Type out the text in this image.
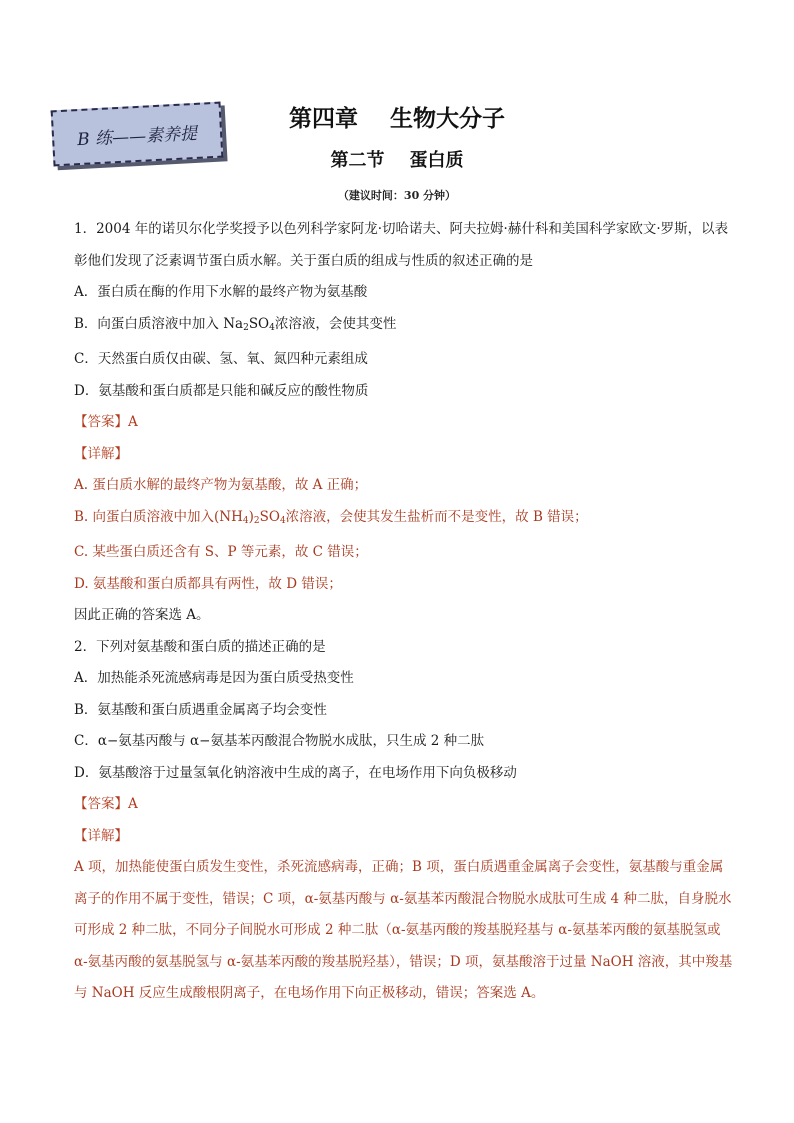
B 练——素养提
第四章    生物大分子
第二节    蛋白质
（建议时间：30 分钟）
1．2004 年的诺贝尔化学奖授予以色列科学家阿龙·切哈诺夫、阿夫拉姆·赫什科和美国科学家欧文·罗斯，以表彰他们发现了泛素调节蛋白质水解。关于蛋白质的组成与性质的叙述正确的是
A．蛋白质在酶的作用下水解的最终产物为氨基酸
B．向蛋白质溶液中加入 $Na_2SO_4$浓溶液，会使其变性
C．天然蛋白质仅由碳、氢、氧、氮四种元素组成
D．氨基酸和蛋白质都是只能和碱反应的酸性物质
【答案】A
【详解】
A. 蛋白质水解的最终产物为氨基酸，故 A 正确；
B. 向蛋白质溶液中加入$(NH_4)_2SO_4$浓溶液，会使其发生盐析而不是变性，故 B 错误；
C. 某些蛋白质还含有 S、P 等元素，故 C 错误；
D. 氨基酸和蛋白质都具有两性，故 D 错误；
因此正确的答案选 A。
2．下列对氨基酸和蛋白质的描述正确的是
A．加热能杀死流感病毒是因为蛋白质受热变性
B．氨基酸和蛋白质遇重金属离子均会变性
C．α−氨基丙酸与 α−氨基苯丙酸混合物脱水成肽，只生成 2 种二肽
D．氨基酸溶于过量氢氧化钠溶液中生成的离子，在电场作用下向负极移动
【答案】A
【详解】
A 项，加热能使蛋白质发生变性，杀死流感病毒，正确；B 项，蛋白质遇重金属离子会变性，氨基酸与重金属离子的作用不属于变性，错误；C 项，α-氨基丙酸与 α-氨基苯丙酸混合物脱水成肽可生成 4 种二肽，自身脱水可形成 2 种二肽，不同分子间脱水可形成 2 种二肽（α-氨基丙酸的羧基脱羟基与 α-氨基苯丙酸的氨基脱氢或 α-氨基丙酸的氨基脱氢与 α-氨基苯丙酸的羧基脱羟基），错误；D 项，氨基酸溶于过量 NaOH 溶液，其中羧基与 NaOH 反应生成酸根阴离子，在电场作用下向正极移动，错误；答案选 A。
